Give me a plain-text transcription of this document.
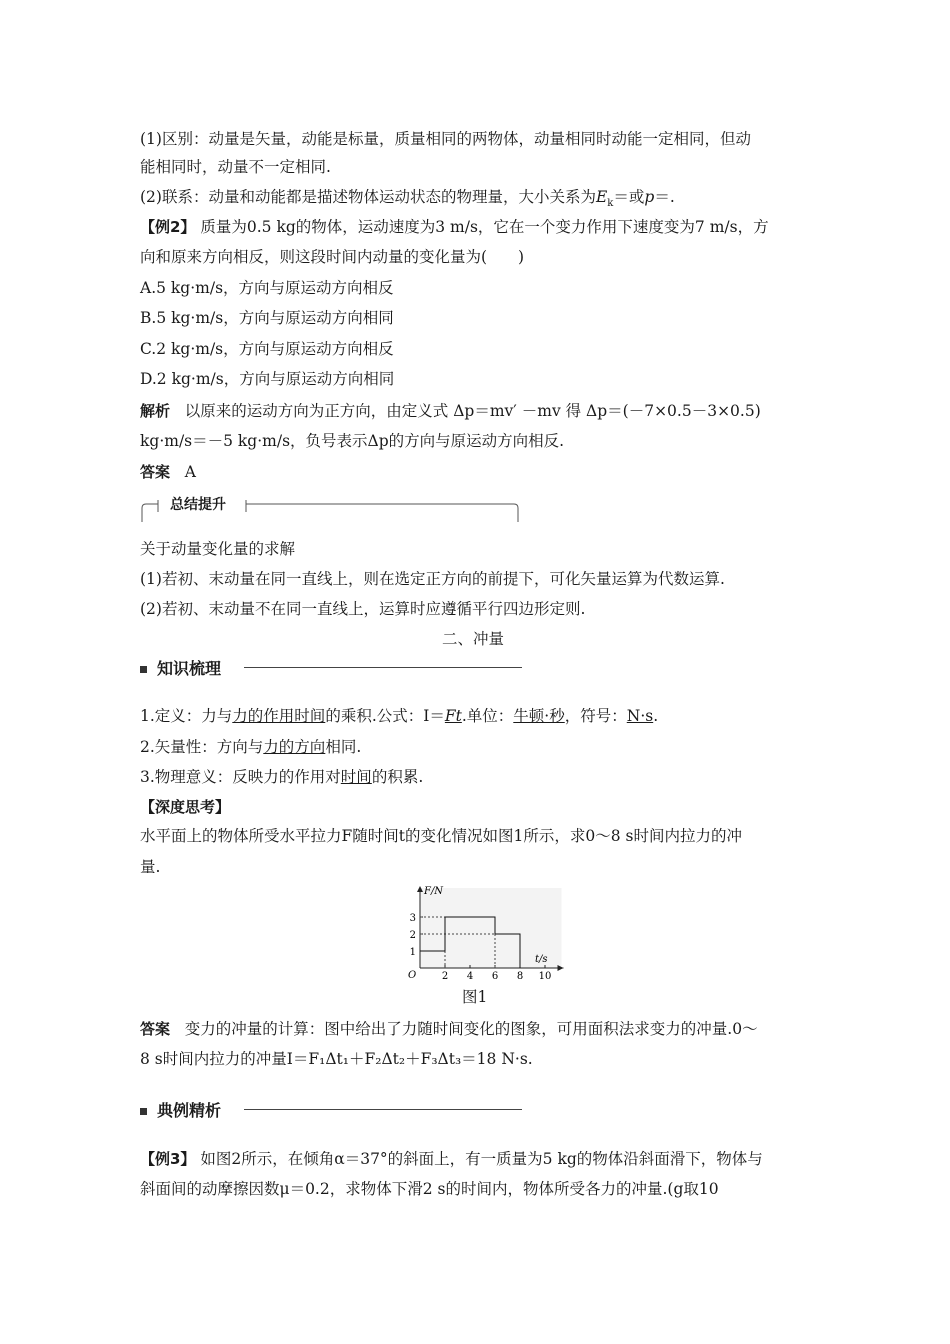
(1)区别：动量是矢量，动能是标量，质量相同的两物体，动量相同时动能一定相同，但动
能相同时，动量不一定相同.
(2)联系：动量和动能都是描述物体运动状态的物理量，大小关系为$E_k=$或p＝.
【例2】 质量为0.5 kg的物体，运动速度为3 m/s，它在一个变力作用下速度变为7 m/s，方
向和原来方向相反，则这段时间内动量的变化量为(　　)
A.5 kg·m/s，方向与原运动方向相反
B.5 kg·m/s，方向与原运动方向相同
C.2 kg·m/s，方向与原运动方向相反
D.2 kg·m/s，方向与原运动方向相同
解析 以原来的运动方向为正方向，由定义式 Δp＝mv′ －mv 得 Δp＝(－7×0.5－3×0.5)
kg·m/s＝－5 kg·m/s，负号表示Δp的方向与原运动方向相反.
答案 A
总结提升
关于动量变化量的求解
(1)若初、末动量在同一直线上，则在选定正方向的前提下，可化矢量运算为代数运算.
(2)若初、末动量不在同一直线上，运算时应遵循平行四边形定则.
二、冲量
知识梳理
1.定义：力与力的作用时间的乘积.公式：I＝Ft.单位：牛顿·秒，符号：N·s.
2.矢量性：方向与力的方向相同.
3.物理意义：反映力的作用对时间的积累.
【深度思考】
水平面上的物体所受水平拉力F随时间t的变化情况如图1所示，求0～8 s时间内拉力的冲
量.
F/N
t/s
O	2 4 6 8 10
1
2
3
图1
答案 变力的冲量的计算：图中给出了力随时间变化的图象，可用面积法求变力的冲量.0～
8 s时间内拉力的冲量I＝F₁Δt₁＋F₂Δt₂＋F₃Δt₃＝18 N·s.
典例精析
【例3】 如图2所示，在倾角α＝37°的斜面上，有一质量为5 kg的物体沿斜面滑下，物体与
斜面间的动摩擦因数μ＝0.2，求物体下滑2 s的时间内，物体所受各力的冲量.(g取10
